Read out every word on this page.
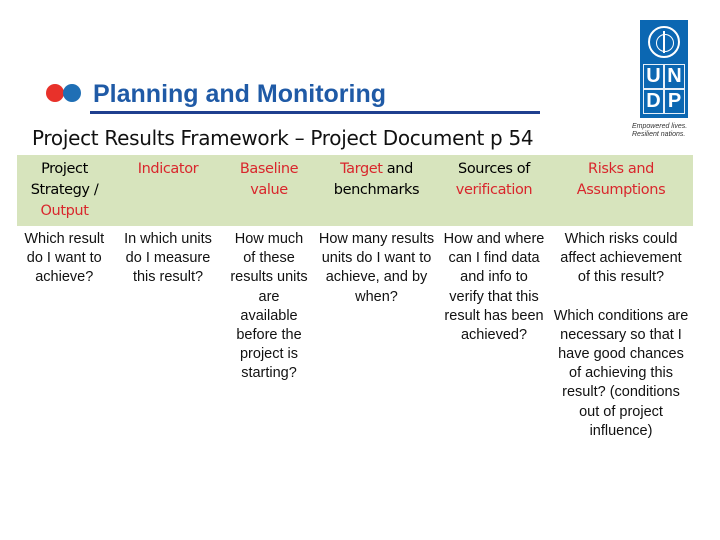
Planning and Monitoring
Project Results Framework – Project Document p 54
U N
D P
Empowered lives. Resilient nations.
Project Strategy /
Output	Indicator	Baseline value	Target and benchmarks	Sources of verification	Risks and Assumptions
Which result do I want to achieve?	In which units do I measure this result?	How much of these results units are available before the project is starting?	How many results units do I want to achieve, and by when?	How and where can I find data and info to verify that this result has been achieved?	Which risks could affect achievement of this result?
Which conditions are necessary so that I have good chances of achieving this result? (conditions out of project influence)
